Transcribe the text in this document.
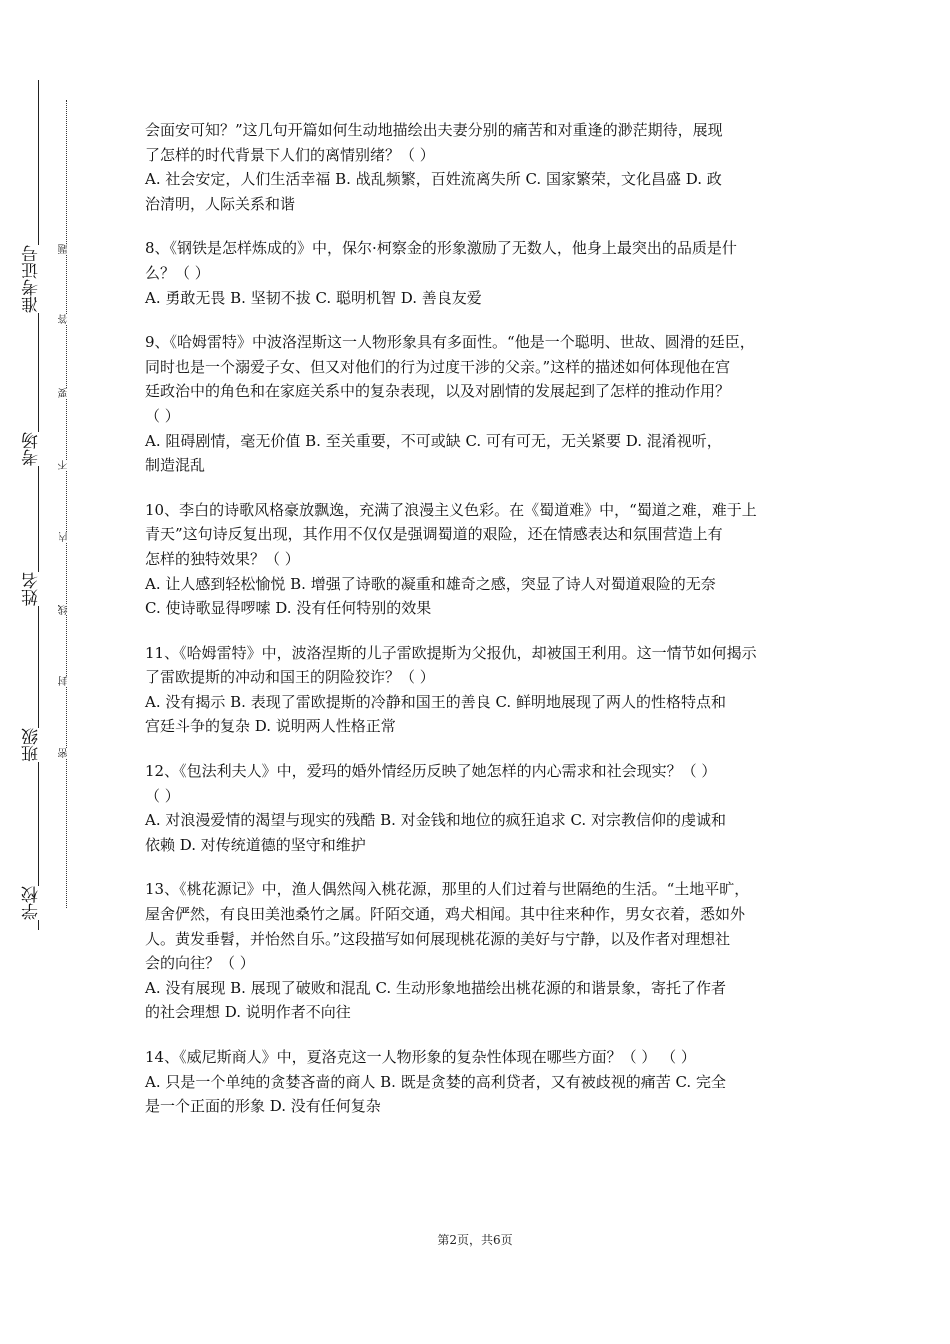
准考证号
考场
姓名
班级
学校
题
答
要
不
内
线
封
密
会面安可知？”这几句开篇如何生动地描绘出夫妻分别的痛苦和对重逢的渺茫期待，展现
了怎样的时代背景下人们的离情别绪？（ ）
A. 社会安定，人们生活幸福 B. 战乱频繁，百姓流离失所 C. 国家繁荣，文化昌盛 D. 政
治清明，人际关系和谐
8、《钢铁是怎样炼成的》中，保尔·柯察金的形象激励了无数人，他身上最突出的品质是什
么？（ ）
A. 勇敢无畏 B. 坚韧不拔 C. 聪明机智 D. 善良友爱
9、《哈姆雷特》中波洛涅斯这一人物形象具有多面性。“他是一个聪明、世故、圆滑的廷臣，
同时也是一个溺爱子女、但又对他们的行为过度干涉的父亲。”这样的描述如何体现他在宫
廷政治中的角色和在家庭关系中的复杂表现，以及对剧情的发展起到了怎样的推动作用？
（ ）
A. 阻碍剧情，毫无价值 B. 至关重要，不可或缺 C. 可有可无，无关紧要 D. 混淆视听，
制造混乱
10、李白的诗歌风格豪放飘逸，充满了浪漫主义色彩。在《蜀道难》中，“蜀道之难，难于上
青天”这句诗反复出现，其作用不仅仅是强调蜀道的艰险，还在情感表达和氛围营造上有
怎样的独特效果？（ ）
A. 让人感到轻松愉悦 B. 增强了诗歌的凝重和雄奇之感，突显了诗人对蜀道艰险的无奈
C. 使诗歌显得啰嗦 D. 没有任何特别的效果
11、《哈姆雷特》中，波洛涅斯的儿子雷欧提斯为父报仇，却被国王利用。这一情节如何揭示
了雷欧提斯的冲动和国王的阴险狡诈？（ ）
A. 没有揭示 B. 表现了雷欧提斯的冷静和国王的善良 C. 鲜明地展现了两人的性格特点和
宫廷斗争的复杂 D. 说明两人性格正常
12、《包法利夫人》中，爱玛的婚外情经历反映了她怎样的内心需求和社会现实？（ ）
（ ）
A. 对浪漫爱情的渴望与现实的残酷 B. 对金钱和地位的疯狂追求 C. 对宗教信仰的虔诚和
依赖 D. 对传统道德的坚守和维护
13、《桃花源记》中，渔人偶然闯入桃花源，那里的人们过着与世隔绝的生活。“土地平旷，
屋舍俨然，有良田美池桑竹之属。阡陌交通，鸡犬相闻。其中往来种作，男女衣着，悉如外
人。黄发垂髫，并怡然自乐。”这段描写如何展现桃花源的美好与宁静，以及作者对理想社
会的向往？（ ）
A. 没有展现 B. 展现了破败和混乱 C. 生动形象地描绘出桃花源的和谐景象，寄托了作者
的社会理想 D. 说明作者不向往
14、《威尼斯商人》中，夏洛克这一人物形象的复杂性体现在哪些方面？（ ） （ ）
A. 只是一个单纯的贪婪吝啬的商人 B. 既是贪婪的高利贷者，又有被歧视的痛苦 C. 完全
是一个正面的形象 D. 没有任何复杂
第2页，共6页
